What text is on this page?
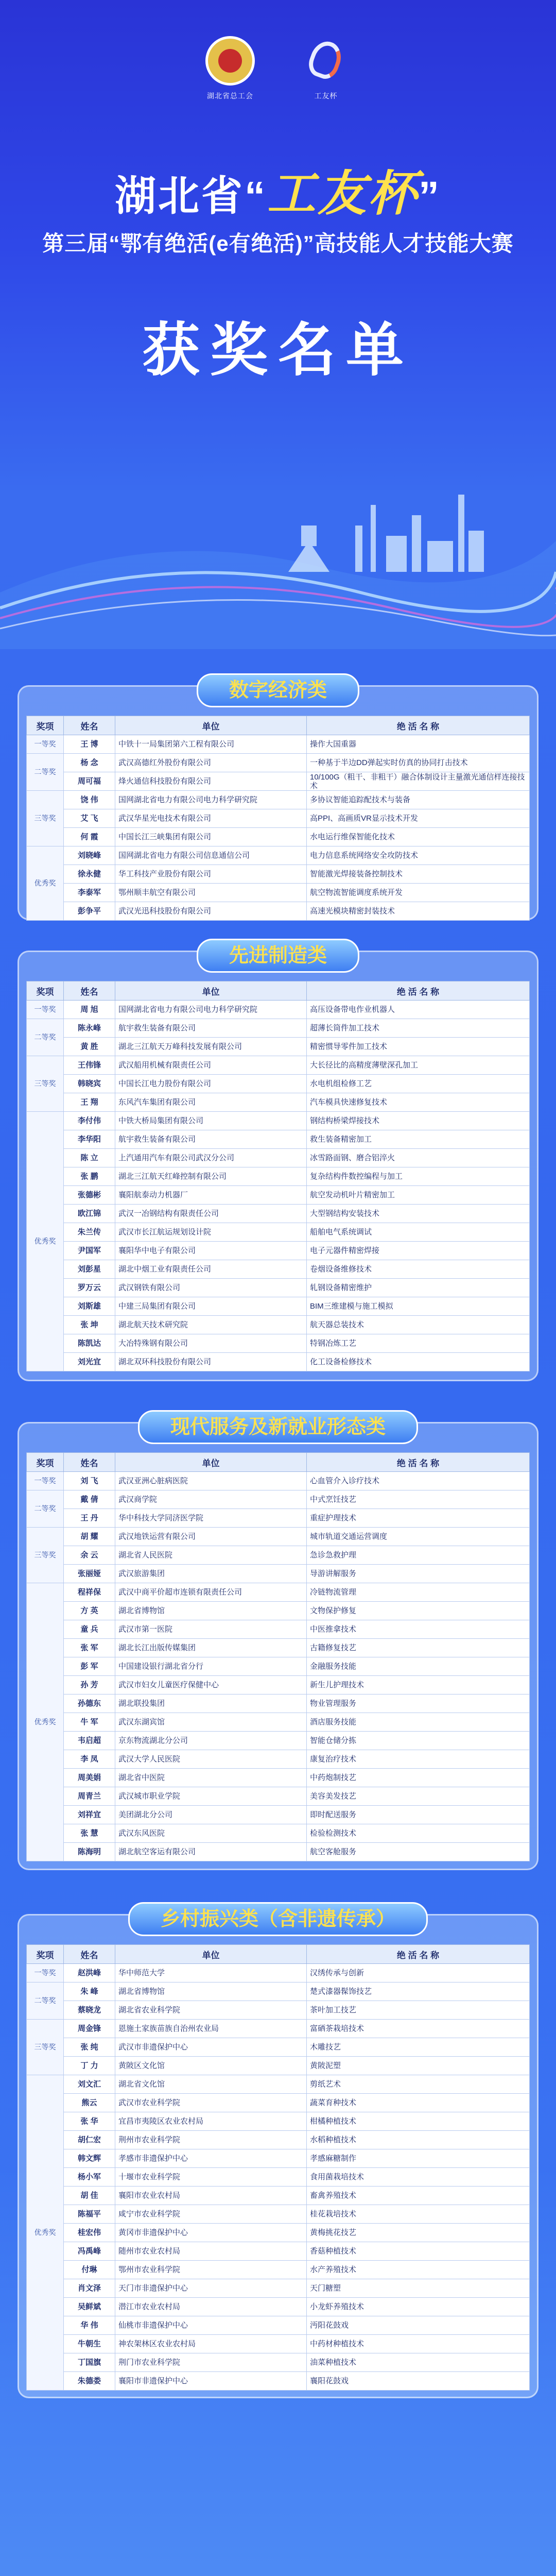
湖北省总工会	工友杯
湖北省“工友杯”
第三届“鄂有绝活(e有绝活)”高技能人才技能大赛
获奖名单
数字经济类
奖项	姓名	单位	绝 活 名 称
一等奖	王 博	中铁十一局集团第六工程有限公司	操作大国重器
二等奖	杨 念	武汉高德红外股份有限公司	一种基于半边DD弹起实时仿真的协同打击技术
	周可福	烽火通信科技股份有限公司	10/100G（粗干、非粗干）融合体制设计主量激光通信样连接技术
三等奖	饶 伟	国网湖北省电力有限公司电力科学研究院	多协议智能追踪配技术与装备
	艾 飞	武汉华星光电技术有限公司	高PPI、高画质VR显示技术开发
	何 霞	中国长江三峡集团有限公司	水电运行维保智能化技术
优秀奖	刘晓峰	国网湖北省电力有限公司信息通信公司	电力信息系统网络安全攻防技术
	徐永健	华工科技产业股份有限公司	智能激光焊接装备控制技术
	李泰军	鄂州顺丰航空有限公司	航空物流智能调度系统开发
	彭争平	武汉光迅科技股份有限公司	高速光模块精密封装技术
先进制造类
奖项	姓名	单位	绝 活 名 称
一等奖	周 旭	国网湖北省电力有限公司电力科学研究院	高压设备带电作业机器人
二等奖	陈永峰	航宇救生装备有限公司	超薄长筒件加工技术
	黄 胜	湖北三江航天万峰科技发展有限公司	精密惯导零件加工技术
三等奖	王伟锋	武汉船用机械有限责任公司	大长径比的高精度薄壁深孔加工
	韩晓宾	中国长江电力股份有限公司	水电机组检修工艺
	王 翔	东风汽车集团有限公司	汽车模具快速修复技术
优秀奖	李付伟	中铁大桥局集团有限公司	钢结构桥梁焊接技术
	李华阳	航宇救生装备有限公司	救生装备精密加工
	陈 立	上汽通用汽车有限公司武汉分公司	冰雪路面钢、磨合铝淬火
	张 鹏	湖北三江航天红峰控制有限公司	复杂结构件数控编程与加工
	张德彬	襄阳航泰动力机器厂	航空发动机叶片精密加工
	欧江锦	武汉一冶钢结构有限责任公司	大型钢结构安装技术
	朱兰传	武汉市长江航运规划设计院	船舶电气系统调试
	尹国军	襄阳华中电子有限公司	电子元器件精密焊接
	刘彭星	湖北中烟工业有限责任公司	卷烟设备维修技术
	罗万云	武汉钢铁有限公司	轧钢设备精密维护
	刘斯雄	中建三局集团有限公司	BIM三维建模与施工模拟
	张 坤	湖北航天技术研究院	航天器总装技术
	陈凯达	大冶特殊钢有限公司	特钢冶炼工艺
	刘光宜	湖北双环科技股份有限公司	化工设备检修技术
现代服务及新就业形态类
奖项	姓名	单位	绝 活 名 称
一等奖	刘 飞	武汉亚洲心脏病医院	心血管介入诊疗技术
二等奖	戴 倩	武汉商学院	中式烹饪技艺
	王 丹	华中科技大学同济医学院	重症护理技术
三等奖	胡 耀	武汉地铁运营有限公司	城市轨道交通运营调度
	余 云	湖北省人民医院	急诊急救护理
	张丽娅	武汉旅游集团	导游讲解服务
优秀奖	程祥保	武汉中商平价超市连锁有限责任公司	冷链物流管理
	方 英	湖北省博物馆	文物保护修复
	童 兵	武汉市第一医院	中医推拿技术
	张 军	湖北长江出版传媒集团	古籍修复技艺
	彭 军	中国建设银行湖北省分行	金融服务技能
	孙 芳	武汉市妇女儿童医疗保健中心	新生儿护理技术
	孙德东	湖北联投集团	物业管理服务
	牛 军	武汉东湖宾馆	酒店服务技能
	韦启超	京东物流湖北分公司	智能仓储分拣
	李 凤	武汉大学人民医院	康复治疗技术
	周美娟	湖北省中医院	中药炮制技艺
	周青兰	武汉城市职业学院	美容美发技艺
	刘祥宜	美团湖北分公司	即时配送服务
	张 慧	武汉东风医院	检验检测技术
	陈海明	湖北航空客运有限公司	航空客舱服务
乡村振兴类（含非遗传承）
奖项	姓名	单位	绝 活 名 称
一等奖	赵洪峰	华中师范大学	汉绣传承与创新
二等奖	朱 峰	湖北省博物馆	楚式漆器髹饰技艺
	蔡晓龙	湖北省农业科学院	茶叶加工技艺
三等奖	周金锋	恩施土家族苗族自治州农业局	富硒茶栽培技术
	张 纯	武汉市非遗保护中心	木雕技艺
	丁 力	黄陂区文化馆	黄陂泥塑
优秀奖	刘文汇	湖北省文化馆	剪纸艺术
	熊云	武汉市农业科学院	蔬菜育种技术
	张 华	宜昌市夷陵区农业农村局	柑橘种植技术
	胡仁宏	荆州市农业科学院	水稻种植技术
	韩文辉	孝感市非遗保护中心	孝感麻糖制作
	杨小军	十堰市农业科学院	食用菌栽培技术
	胡 佳	襄阳市农业农村局	畜禽养殖技术
	陈福平	咸宁市农业科学院	桂花栽培技术
	桂宏伟	黄冈市非遗保护中心	黄梅挑花技艺
	冯禹峰	随州市农业农村局	香菇种植技术
	付琳	鄂州市农业科学院	水产养殖技术
	肖文泽	天门市非遗保护中心	天门糖塑
	吴鲜斌	潜江市农业农村局	小龙虾养殖技术
	华 伟	仙桃市非遗保护中心	沔阳花鼓戏
	牛朝生	神农架林区农业农村局	中药材种植技术
	丁国旗	荆门市农业科学院	油菜种植技术
	朱德娄	襄阳市非遗保护中心	襄阳花鼓戏
